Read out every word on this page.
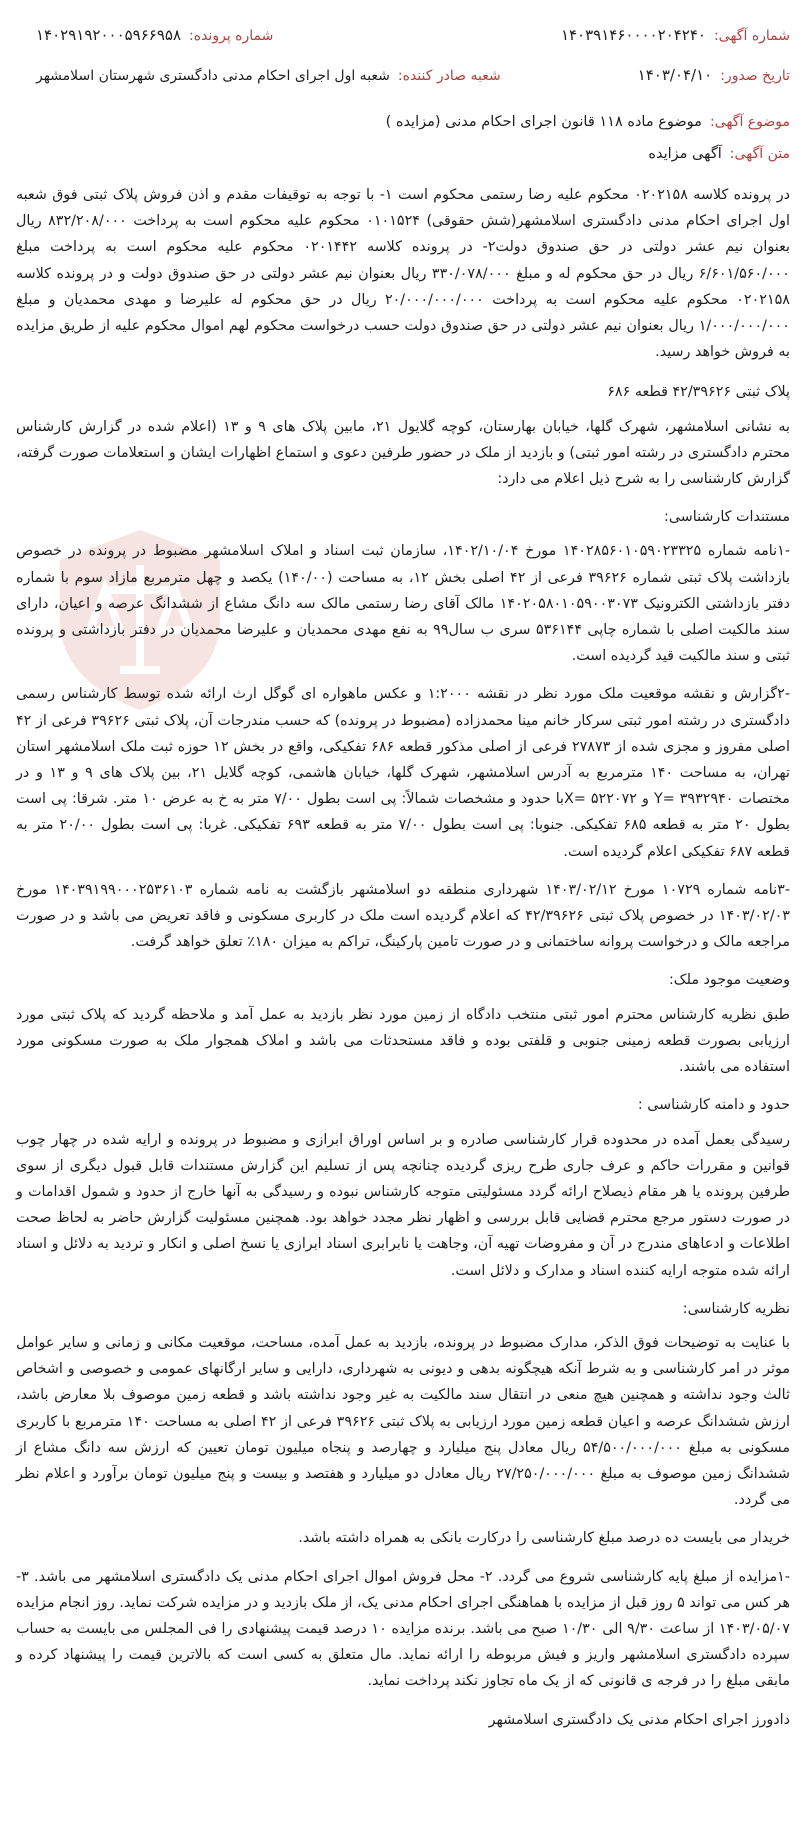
شماره آگهی:
۱۴۰۳۹۱۴۶۰۰۰۰۲۰۴۲۴۰
شماره پرونده:
۱۴۰۲۹۱۹۲۰۰۰۵۹۶۶۹۵۸
تاریخ صدور:
۱۴۰۳/۰۴/۱۰
شعبه صادر کننده:
شعبه اول اجرای احکام مدنی دادگستری شهرستان اسلامشهر
موضوع آگهی:
موضوع ماده ۱۱۸ قانون اجرای احکام مدنی (مزایده )
متن آگهی:
آگهی مزایده

در پرونده کلاسه ۰۲۰۲۱۵۸ محکوم علیه رضا رستمی محکوم است ۱- با توجه به توقیفات مقدم و اذن فروش پلاک ثبتی فوق شعبه اول اجرای احکام مدنی دادگستری اسلامشهر(شش حقوقی) ۰۱۰۱۵۲۴ محکوم علیه محکوم است به پرداخت ۸۳۲/۲۰۸/۰۰۰ ریال بعنوان نیم عشر دولتی در حق صندوق دولت۲- در پرونده کلاسه ۰۲۰۱۴۴۲ محکوم علیه محکوم است به پرداخت مبلغ ۶/۶۰۱/۵۶۰/۰۰۰ ریال در حق محکوم له و مبلغ ۳۳۰/۰۷۸/۰۰۰ ریال بعنوان نیم عشر دولتی در حق صندوق دولت و در پرونده کلاسه ۰۲۰۲۱۵۸ محکوم علیه محکوم است به پرداخت ۲۰/۰۰۰/۰۰۰/۰۰۰ ریال در حق محکوم له علیرضا و مهدی محمدیان و مبلغ ۱/۰۰۰/۰۰۰/۰۰۰ ریال بعنوان نیم عشر دولتی در حق صندوق دولت حسب درخواست محکوم لهم اموال محکوم علیه از طریق مزایده به فروش خواهد رسید.

پلاک ثبتی ۴۲/۳۹۶۲۶ قطعه ۶۸۶

به نشانی اسلامشهر، شهرک گلها، خیابان بهارستان، کوچه گلایول ۲۱، مابین پلاک های ۹ و ۱۳ (اعلام شده در گزارش کارشناس محترم دادگستری در رشته امور ثبتی) و بازدید از ملک در حضور طرفین دعوی و استماع اظهارات ایشان و استعلامات صورت گرفته، گزارش کارشناسی را به شرح ذیل اعلام می دارد:

مستندات کارشناسی:

-۱نامه شماره ۱۴۰۲۸۵۶۰۱۰۵۹۰۲۳۳۲۵ مورخ ۱۴۰۲/۱۰/۰۴، سازمان ثبت اسناد و املاک اسلامشهر مضبوط در پرونده در خصوص بازداشت پلاک ثبتی شماره ۳۹۶۲۶ فرعی از ۴۲ اصلی بخش ۱۲، به مساحت (۱۴۰/۰۰) یکصد و چهل مترمربع مازاد سوم با شماره دفتر بازداشتی الکترونیک ۱۴۰۲۰۵۸۰۱۰۵۹۰۰۳۰۷۳ مالک آقای رضا رستمی مالک سه دانگ مشاع از ششدانگ عرصه و اعیان، دارای سند مالکیت اصلی با شماره چاپی ۵۳۶۱۴۴ سری ب سال۹۹ به نفع مهدی محمدیان و علیرضا محمدیان در دفتر بازداشتی و پرونده ثبتی و سند مالکیت قید گردیده است.

-۲گزارش و نقشه موقعیت ملک مورد نظر در نقشه ۱:۲۰۰۰ و عکس ماهواره ای گوگل ارث ارائه شده توسط کارشناس رسمی دادگستری در رشته امور ثبتی سرکار خانم مینا محمدزاده (مضبوط در پرونده) که حسب مندرجات آن، پلاک ثبتی ۳۹۶۲۶ فرعی از ۴۲ اصلی مفروز و مجزی شده از ۲۷۸۷۳ فرعی از اصلی مذکور قطعه ۶۸۶ تفکیکی، واقع در بخش ۱۲ حوزه ثبت ملک اسلامشهر استان تهران، به مساحت ۱۴۰ مترمربع به آدرس اسلامشهر، شهرک گلها، خیابان هاشمی، کوچه گلایل ۲۱، بین پلاک های ۹ و ۱۳ و در مختصات ۳۹۳۲۹۴۰ =Y و ۵۲۲۰۷۲ =Xبا حدود و مشخصات شمالاً: پی است بطول ۷/۰۰ متر به خ به عرض ۱۰ متر. شرقا: پی است بطول ۲۰ متر به قطعه ۶۸۵ تفکیکی. جنوبا: پی است بطول ۷/۰۰ متر به قطعه ۶۹۳ تفکیکی. غربا: پی است بطول ۲۰/۰۰ متر به قطعه ۶۸۷ تفکیکی اعلام گردیده است.

-۳نامه شماره ۱۰۷۲۹ مورخ ۱۴۰۳/۰۲/۱۲ شهرداری منطقه دو اسلامشهر بازگشت به نامه شماره ۱۴۰۳۹۱۹۹۰۰۰۲۵۳۶۱۰۳ مورخ ۱۴۰۳/۰۲/۰۳ در خصوص پلاک ثبتی ۴۲/۳۹۶۲۶ که اعلام گردیده است ملک در کاربری مسکونی و فاقد تعریض می باشد و در صورت مراجعه مالک و درخواست پروانه ساختمانی و در صورت تامین پارکینگ، تراکم به میزان ۱۸۰٪ تعلق خواهد گرفت.

وضعیت موجود ملک:

طبق نظریه کارشناس محترم امور ثبتی منتخب دادگاه از زمین مورد نظر بازدید به عمل آمد و ملاحظه گردید که پلاک ثبتی مورد ارزیابی بصورت قطعه زمینی جنوبی و قلفتی بوده و فاقد مستحدثات می باشد و املاک همجوار ملک به صورت مسکونی مورد استفاده می باشند.

حدود و دامنه کارشناسی :

رسیدگی بعمل آمده در محدوده قرار کارشناسی صادره و بر اساس اوراق ابرازی و مضبوط در پرونده و ارایه شده در چهار چوب قوانین و مقررات حاکم و عرف جاری طرح ریزی گردیده چنانچه پس از تسلیم این گزارش مستندات قابل قبول دیگری از سوی طرفین پرونده یا هر مقام ذیصلاح ارائه گردد مسئولیتی متوجه کارشناس نبوده و رسیدگی به آنها خارج از حدود و شمول اقدامات و در صورت دستور مرجع محترم قضایی قابل بررسی و اظهار نظر مجدد خواهد بود. همچنین مسئولیت گزارش حاضر به لحاظ صحت اطلاعات و ادعاهای مندرج در آن و مفروضات تهیه آن، وجاهت یا نابرابری اسناد ابرازی یا نسخ اصلی و انکار و تردید به دلائل و اسناد ارائه شده متوجه ارایه کننده اسناد و مدارک و دلائل است.

نظریه کارشناسی:

با عنایت به توضیحات فوق الذکر، مدارک مضبوط در پرونده، بازدید به عمل آمده، مساحت، موقعیت مکانی و زمانی و سایر عوامل موثر در امر کارشناسی و به شرط آنکه هیچگونه بدهی و دیونی به شهرداری، دارایی و سایر ارگانهای عمومی و خصوصی و اشخاص ثالث وجود نداشته و همچنین هیچ منعی در انتقال سند مالکیت به غیر وجود نداشته باشد و قطعه زمین موصوف بلا معارض باشد، ارزش ششدانگ عرصه و اعیان قطعه زمین مورد ارزیابی به پلاک ثبتی ۳۹۶۲۶ فرعی از ۴۲ اصلی به مساحت ۱۴۰ مترمربع با کاربری مسکونی به مبلغ ۵۴/۵۰۰/۰۰۰/۰۰۰ ریال معادل پنج میلیارد و چهارصد و پنجاه میلیون تومان تعیین که ارزش سه دانگ مشاع از ششدانگ زمین موصوف به مبلغ ۲۷/۲۵۰/۰۰۰/۰۰۰ ریال معادل دو میلیارد و هفتصد و بیست و پنج میلیون تومان برآورد و اعلام نظر می گردد.

خریدار می بایست ده درصد مبلغ کارشناسی را درکارت بانکی به همراه داشته باشد.

-۱مزایده از مبلغ پایه کارشناسی شروع می گردد. ۲- محل فروش اموال اجرای احکام مدنی یک دادگستری اسلامشهر می باشد. ۳- هر کس می تواند ۵ روز قبل از مزایده با هماهنگی اجرای احکام مدنی یک، از ملک بازدید و در مزایده شرکت نماید. روز انجام مزایده ۱۴۰۳/۰۵/۰۷ از ساعت ۹/۳۰ الی ۱۰/۳۰ صبح می باشد. برنده مزایده ۱۰ درصد قیمت پیشنهادی را فی المجلس می بایست به حساب سپرده دادگستری اسلامشهر واریز و فیش مربوطه را ارائه نماید. مال متعلق به کسی است که بالاترین قیمت را پیشنهاد کرده و مابقی مبلغ را در فرجه ی قانونی که از یک ماه تجاوز نکند پرداخت نماید.

دادورز اجرای احکام مدنی یک دادگستری اسلامشهر
